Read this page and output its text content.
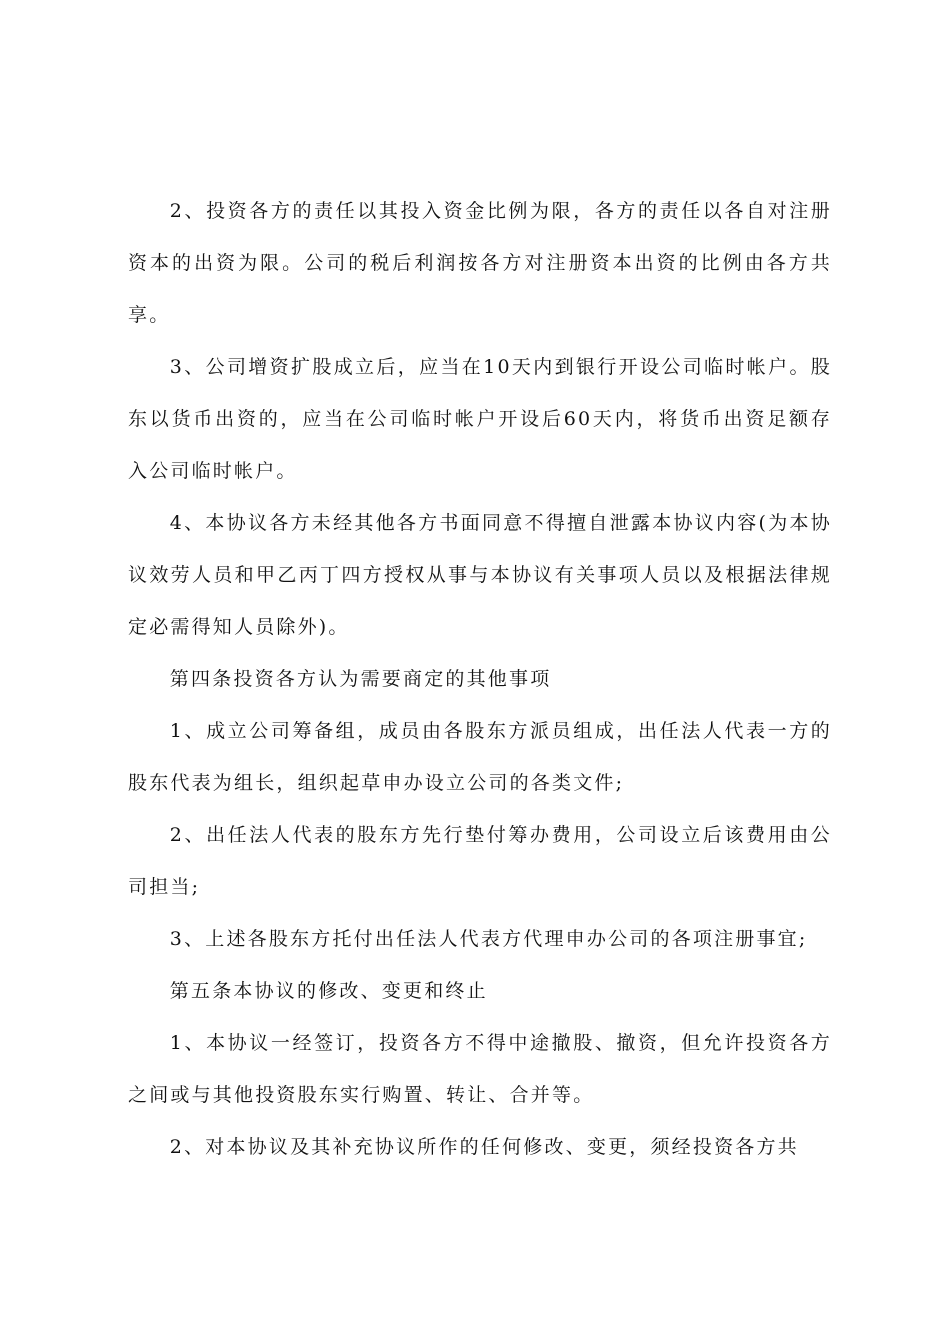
2、投资各方的责任以其投入资金比例为限，各方的责任以各自对注册资本的出资为限。公司的税后利润按各方对注册资本出资的比例由各方共享。

3、公司增资扩股成立后，应当在10天内到银行开设公司临时帐户。股东以货币出资的，应当在公司临时帐户开设后60天内，将货币出资足额存入公司临时帐户。

4、本协议各方未经其他各方书面同意不得擅自泄露本协议内容(为本协议效劳人员和甲乙丙丁四方授权从事与本协议有关事项人员以及根据法律规定必需得知人员除外)。

第四条投资各方认为需要商定的其他事项

1、成立公司筹备组，成员由各股东方派员组成，出任法人代表一方的股东代表为组长，组织起草申办设立公司的各类文件;

2、出任法人代表的股东方先行垫付筹办费用，公司设立后该费用由公司担当;

3、上述各股东方托付出任法人代表方代理申办公司的各项注册事宜;

第五条本协议的修改、变更和终止

1、本协议一经签订，投资各方不得中途撤股、撤资，但允许投资各方之间或与其他投资股东实行购置、转让、合并等。

2、对本协议及其补充协议所作的任何修改、变更，须经投资各方共
